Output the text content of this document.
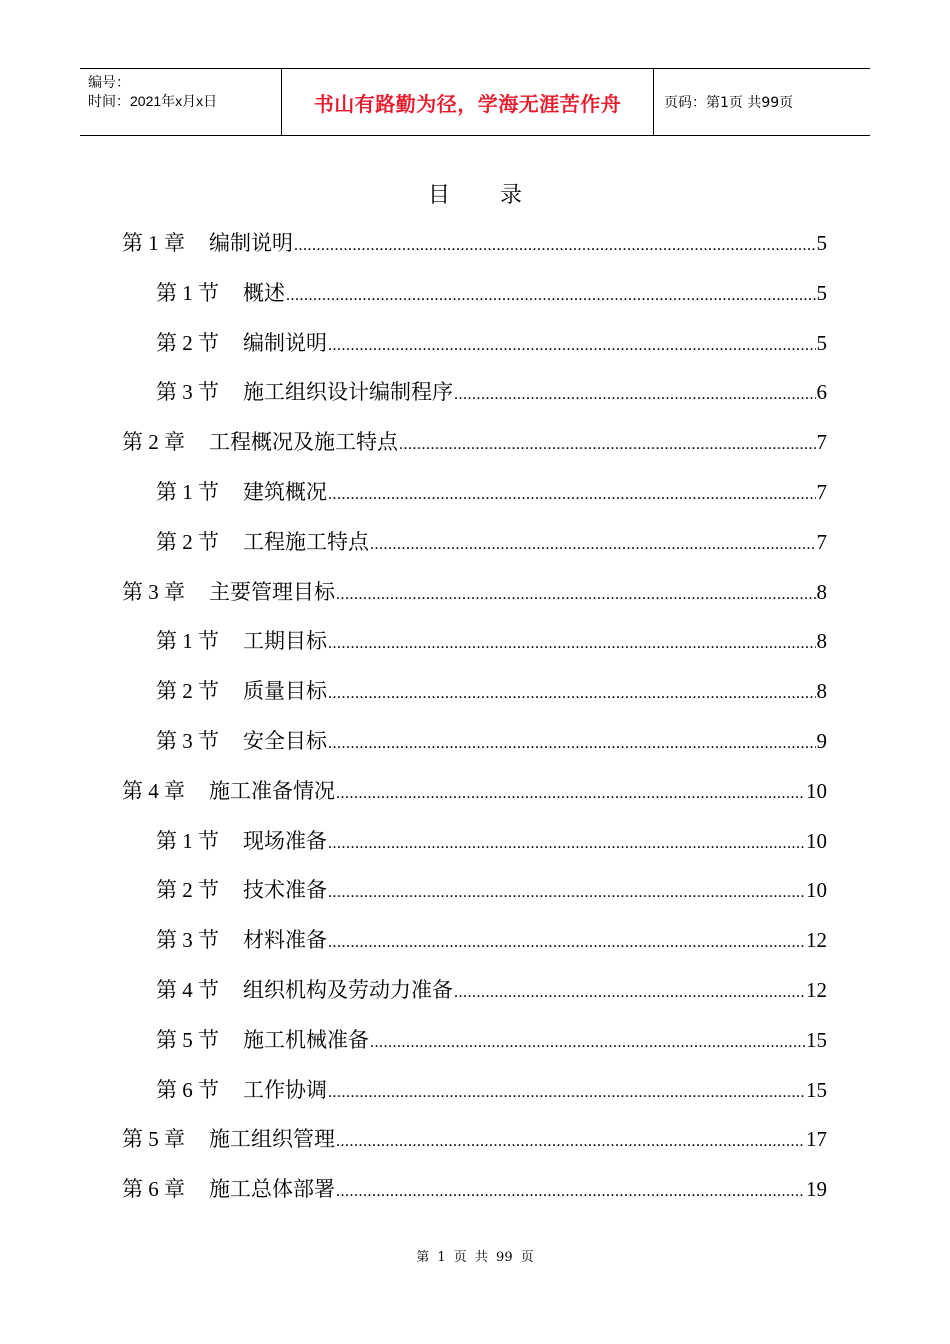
编号：
时间：2021年x月x日	书山有路勤为径，学海无涯苦作舟	页码：第1页 共99页
目 录
第 1 章 编制说明 .....	5
第 1 节 概述 .....	5
第 2 节 编制说明 .....	5
第 3 节 施工组织设计编制程序 .....	6
第 2 章 工程概况及施工特点 .....	7
第 1 节 建筑概况 .....	7
第 2 节 工程施工特点 .....	7
第 3 章 主要管理目标 .....	8
第 1 节 工期目标 .....	8
第 2 节 质量目标 .....	8
第 3 节 安全目标 .....	9
第 4 章 施工准备情况 .....	10
第 1 节 现场准备 .....	10
第 2 节 技术准备 .....	10
第 3 节 材料准备 .....	12
第 4 节 组织机构及劳动力准备 .....	12
第 5 节 施工机械准备 .....	15
第 6 节 工作协调 .....	15
第 5 章 施工组织管理 .....	17
第 6 章 施工总体部署 .....	19
第 1 页 共 99 页
